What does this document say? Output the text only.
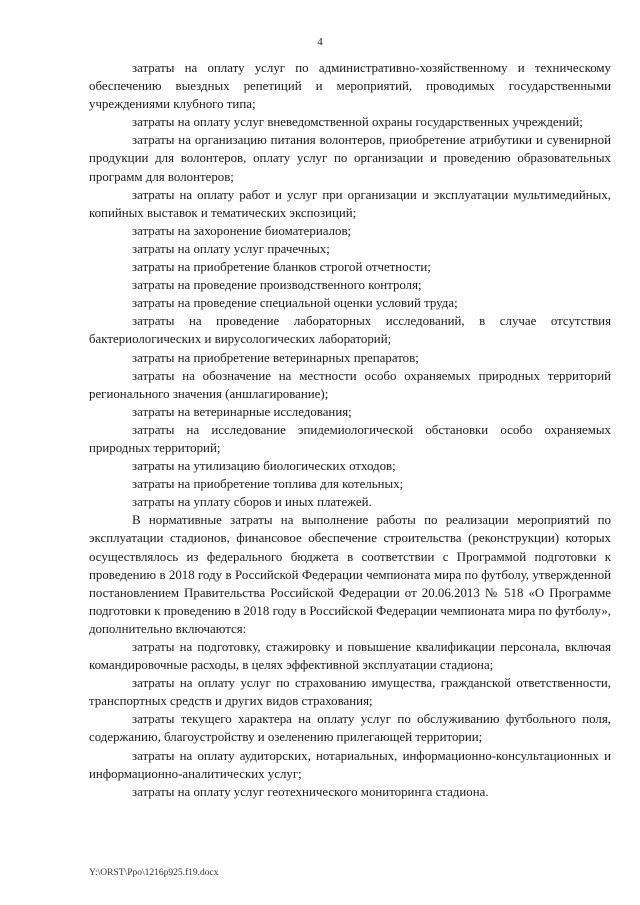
4

затраты на оплату услуг по административно-хозяйственному и техническому обеспечению выездных репетиций и мероприятий, проводимых государственными учреждениями клубного типа;

затраты на оплату услуг вневедомственной охраны государственных учреждений;

затраты на организацию питания волонтеров, приобретение атрибутики и сувенирной продукции для волонтеров, оплату услуг по организации и проведению образовательных программ для волонтеров;

затраты на оплату работ и услуг при организации и эксплуатации мультимедийных, копийных выставок и тематических экспозиций;

затраты на захоронение биоматериалов;

затраты на оплату услуг прачечных;

затраты на приобретение бланков строгой отчетности;

затраты на проведение производственного контроля;

затраты на проведение специальной оценки условий труда;

затраты на проведение лабораторных исследований, в случае отсутствия бактериологических и вирусологических лабораторий;

затраты на приобретение ветеринарных препаратов;

затраты на обозначение на местности особо охраняемых природных территорий регионального значения (аншлагирование);

затраты на ветеринарные исследования;

затраты на исследование эпидемиологической обстановки особо охраняемых природных территорий;

затраты на утилизацию биологических отходов;

затраты на приобретение топлива для котельных;

затраты на уплату сборов и иных платежей.

В нормативные затраты на выполнение работы по реализации мероприятий по эксплуатации стадионов, финансовое обеспечение строительства (реконструкции) которых осуществлялось из федерального бюджета в соответствии с Программой подготовки к проведению в 2018 году в Российской Федерации чемпионата мира по футболу, утвержденной постановлением Правительства Российской Федерации от 20.06.2013 № 518 «О Программе подготовки к проведению в 2018 году в Российской Федерации чемпионата мира по футболу», дополнительно включаются:

затраты на подготовку, стажировку и повышение квалификации персонала, включая командировочные расходы, в целях эффективной эксплуатации стадиона;

затраты на оплату услуг по страхованию имущества, гражданской ответственности, транспортных средств и других видов страхования;

затраты текущего характера на оплату услуг по обслуживанию футбольного поля, содержанию, благоустройству и озеленению прилегающей территории;

затраты на оплату аудиторских, нотариальных, информационно-консультационных и информационно-аналитических услуг;

затраты на оплату услуг геотехнического мониторинга стадиона.

Y:\ORST\Ppo\1216p925.f19.docx
